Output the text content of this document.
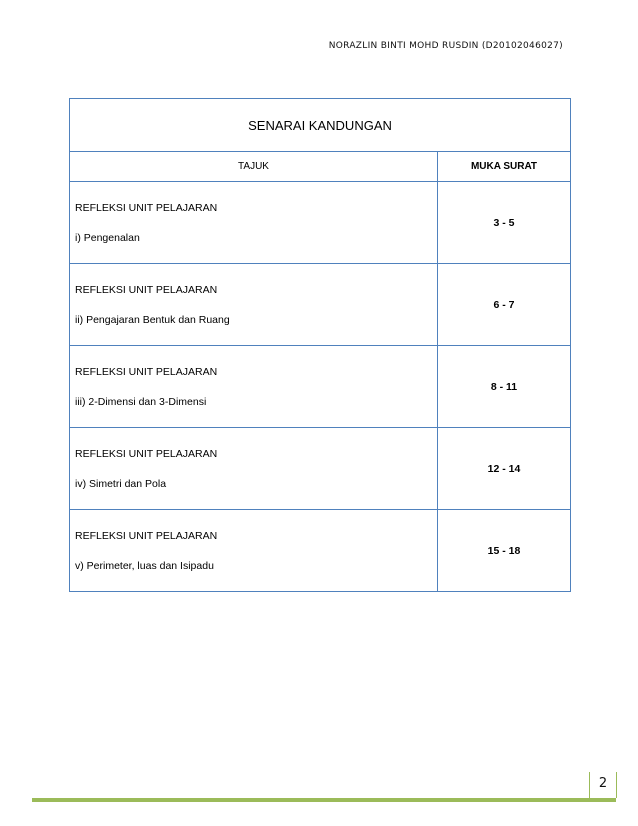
NORAZLIN BINTI MOHD RUSDIN (D20102046027)
SENARAI KANDUNGAN	
TAJUK	MUKA SURAT

REFLEKSI UNIT PELAJARAN
i) Pengenalan	3 - 5

REFLEKSI UNIT PELAJARAN
ii) Pengajaran Bentuk dan Ruang	6 - 7

REFLEKSI UNIT PELAJARAN
iii) 2-Dimensi dan 3-Dimensi	8 - 11

REFLEKSI UNIT PELAJARAN
iv) Simetri dan Pola	12 - 14

REFLEKSI UNIT PELAJARAN
v) Perimeter, luas dan Isipadu	15 - 18
2
